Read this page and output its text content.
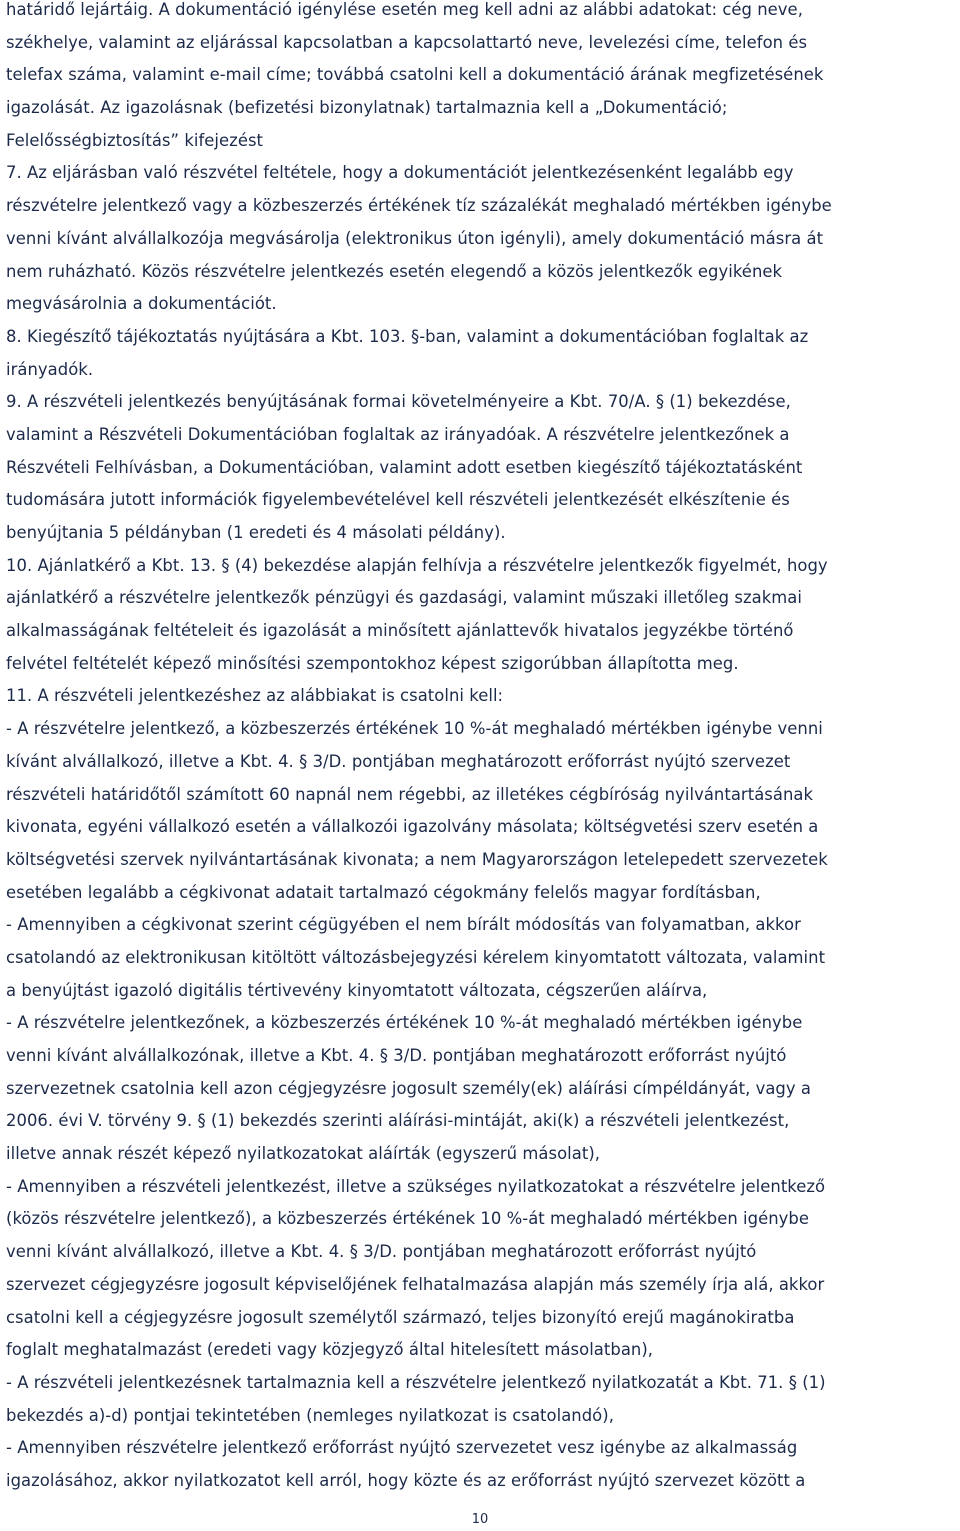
határidő lejártáig. A dokumentáció igénylése esetén meg kell adni az alábbi adatokat: cég neve,
székhelye, valamint az eljárással kapcsolatban a kapcsolattartó neve, levelezési címe, telefon és
telefax száma, valamint e-mail címe; továbbá csatolni kell a dokumentáció árának megfizetésének
igazolását. Az igazolásnak (befizetési bizonylatnak) tartalmaznia kell a „Dokumentáció;
Felelősségbiztosítás” kifejezést
7. Az eljárásban való részvétel feltétele, hogy a dokumentációt jelentkezésenként legalább egy
részvételre jelentkező vagy a közbeszerzés értékének tíz százalékát meghaladó mértékben igénybe
venni kívánt alvállalkozója megvásárolja (elektronikus úton igényli), amely dokumentáció másra át
nem ruházható. Közös részvételre jelentkezés esetén elegendő a közös jelentkezők egyikének
megvásárolnia a dokumentációt.
8. Kiegészítő tájékoztatás nyújtására a Kbt. 103. §-ban, valamint a dokumentációban foglaltak az
irányadók.
9. A részvételi jelentkezés benyújtásának formai követelményeire a Kbt. 70/A. § (1) bekezdése,
valamint a Részvételi Dokumentációban foglaltak az irányadóak. A részvételre jelentkezőnek a
Részvételi Felhívásban, a Dokumentációban, valamint adott esetben kiegészítő tájékoztatásként
tudomására jutott információk figyelembevételével kell részvételi jelentkezését elkészítenie és
benyújtania 5 példányban (1 eredeti és 4 másolati példány).
10. Ajánlatkérő a Kbt. 13. § (4) bekezdése alapján felhívja a részvételre jelentkezők figyelmét, hogy
ajánlatkérő a részvételre jelentkezők pénzügyi és gazdasági, valamint műszaki illetőleg szakmai
alkalmasságának feltételeit és igazolását a minősített ajánlattevők hivatalos jegyzékbe történő
felvétel feltételét képező minősítési szempontokhoz képest szigorúbban állapította meg.
11. A részvételi jelentkezéshez az alábbiakat is csatolni kell:
- A részvételre jelentkező, a közbeszerzés értékének 10 %-át meghaladó mértékben igénybe venni
kívánt alvállalkozó, illetve a Kbt. 4. § 3/D. pontjában meghatározott erőforrást nyújtó szervezet
részvételi határidőtől számított 60 napnál nem régebbi, az illetékes cégbíróság nyilvántartásának
kivonata, egyéni vállalkozó esetén a vállalkozói igazolvány másolata; költségvetési szerv esetén a
költségvetési szervek nyilvántartásának kivonata; a nem Magyarországon letelepedett szervezetek
esetében legalább a cégkivonat adatait tartalmazó cégokmány felelős magyar fordításban,
- Amennyiben a cégkivonat szerint cégügyében el nem bírált módosítás van folyamatban, akkor
csatolandó az elektronikusan kitöltött változásbejegyzési kérelem kinyomtatott változata, valamint
a benyújtást igazoló digitális tértivevény kinyomtatott változata, cégszerűen aláírva,
- A részvételre jelentkezőnek, a közbeszerzés értékének 10 %-át meghaladó mértékben igénybe
venni kívánt alvállalkozónak, illetve a Kbt. 4. § 3/D. pontjában meghatározott erőforrást nyújtó
szervezetnek csatolnia kell azon cégjegyzésre jogosult személy(ek) aláírási címpéldányát, vagy a
2006. évi V. törvény 9. § (1) bekezdés szerinti aláírási-mintáját, aki(k) a részvételi jelentkezést,
illetve annak részét képező nyilatkozatokat aláírták (egyszerű másolat),
- Amennyiben a részvételi jelentkezést, illetve a szükséges nyilatkozatokat a részvételre jelentkező
(közös részvételre jelentkező), a közbeszerzés értékének 10 %-át meghaladó mértékben igénybe
venni kívánt alvállalkozó, illetve a Kbt. 4. § 3/D. pontjában meghatározott erőforrást nyújtó
szervezet cégjegyzésre jogosult képviselőjének felhatalmazása alapján más személy írja alá, akkor
csatolni kell a cégjegyzésre jogosult személytől származó, teljes bizonyító erejű magánokiratba
foglalt meghatalmazást (eredeti vagy közjegyző által hitelesített másolatban),
- A részvételi jelentkezésnek tartalmaznia kell a részvételre jelentkező nyilatkozatát a Kbt. 71. § (1)
bekezdés a)-d) pontjai tekintetében (nemleges nyilatkozat is csatolandó),
- Amennyiben részvételre jelentkező erőforrást nyújtó szervezetet vesz igénybe az alkalmasság
igazolásához, akkor nyilatkozatot kell arról, hogy közte és az erőforrást nyújtó szervezet között a
10
